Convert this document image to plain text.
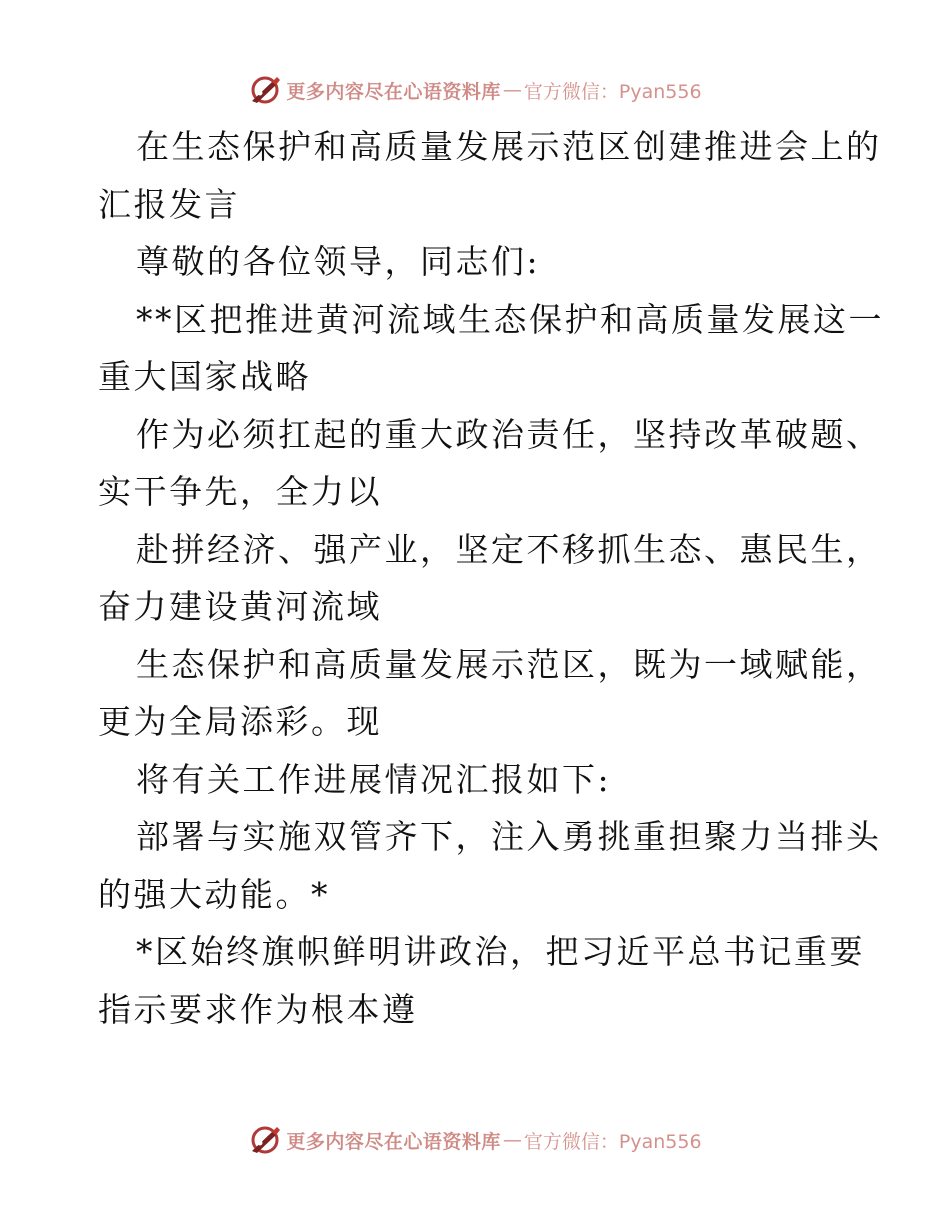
更多内容尽在心语资料库 — 官方微信：Pyan556

在生态保护和高质量发展示范区创建推进会上的

汇报发言

尊敬的各位领导，同志们:

**区把推进黄河流域生态保护和高质量发展这一

重大国家战略

作为必须扛起的重大政治责任，坚持改革破题、

实干争先，全力以

赴拼经济、强产业，坚定不移抓生态、惠民生，

奋力建设黄河流域

生态保护和高质量发展示范区，既为一域赋能，

更为全局添彩。现

将有关工作进展情况汇报如下:

部署与实施双管齐下，注入勇挑重担聚力当排头

的强大动能。*

*区始终旗帜鲜明讲政治，把习近平总书记重要

指示要求作为根本遵

更多内容尽在心语资料库 — 官方微信：Pyan556
